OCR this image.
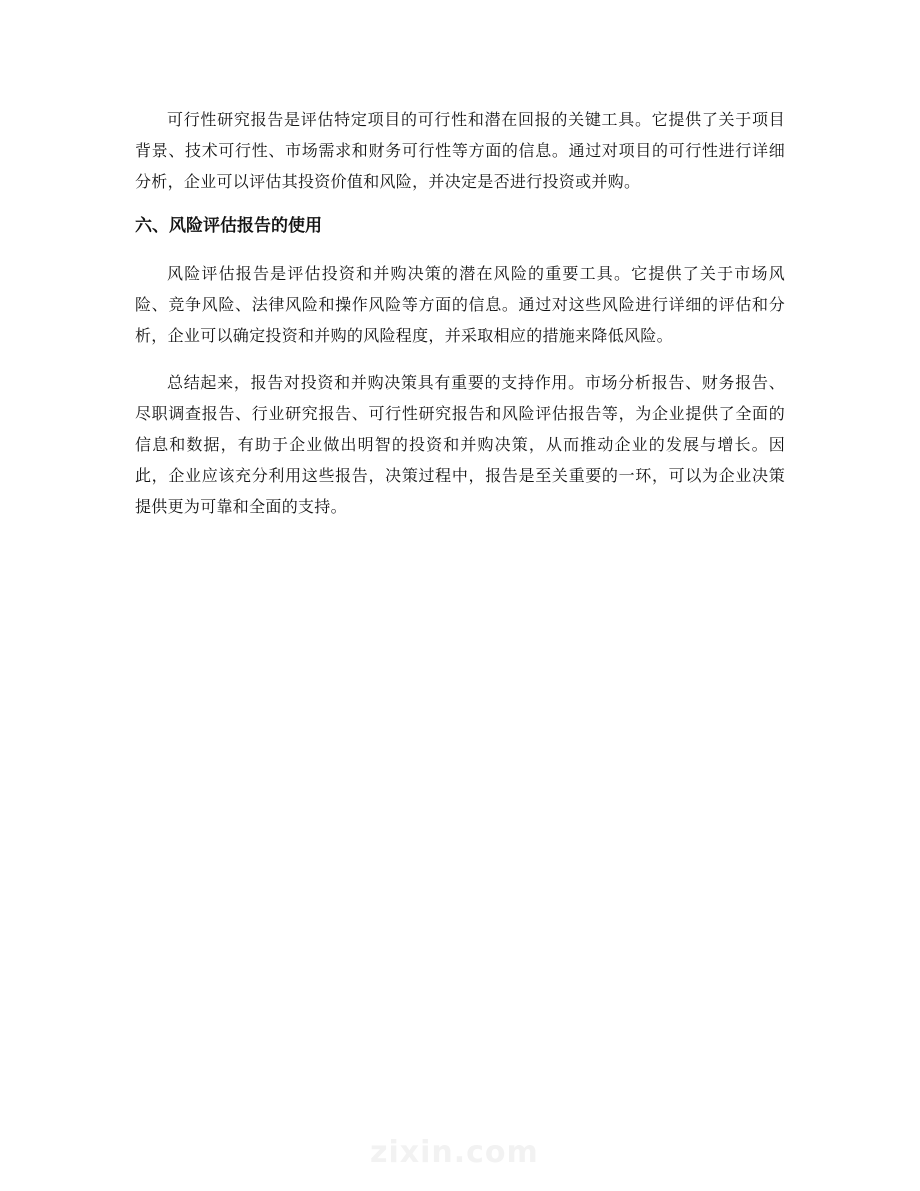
可行性研究报告是评估特定项目的可行性和潜在回报的关键工具。它提供了关于项目背景、技术可行性、市场需求和财务可行性等方面的信息。通过对项目的可行性进行详细分析，企业可以评估其投资价值和风险，并决定是否进行投资或并购。

六、风险评估报告的使用

风险评估报告是评估投资和并购决策的潜在风险的重要工具。它提供了关于市场风险、竞争风险、法律风险和操作风险等方面的信息。通过对这些风险进行详细的评估和分析，企业可以确定投资和并购的风险程度，并采取相应的措施来降低风险。

总结起来，报告对投资和并购决策具有重要的支持作用。市场分析报告、财务报告、尽职调查报告、行业研究报告、可行性研究报告和风险评估报告等，为企业提供了全面的信息和数据，有助于企业做出明智的投资和并购决策，从而推动企业的发展与增长。因此，企业应该充分利用这些报告，决策过程中，报告是至关重要的一环，可以为企业决策提供更为可靠和全面的支持。

zixin.com
